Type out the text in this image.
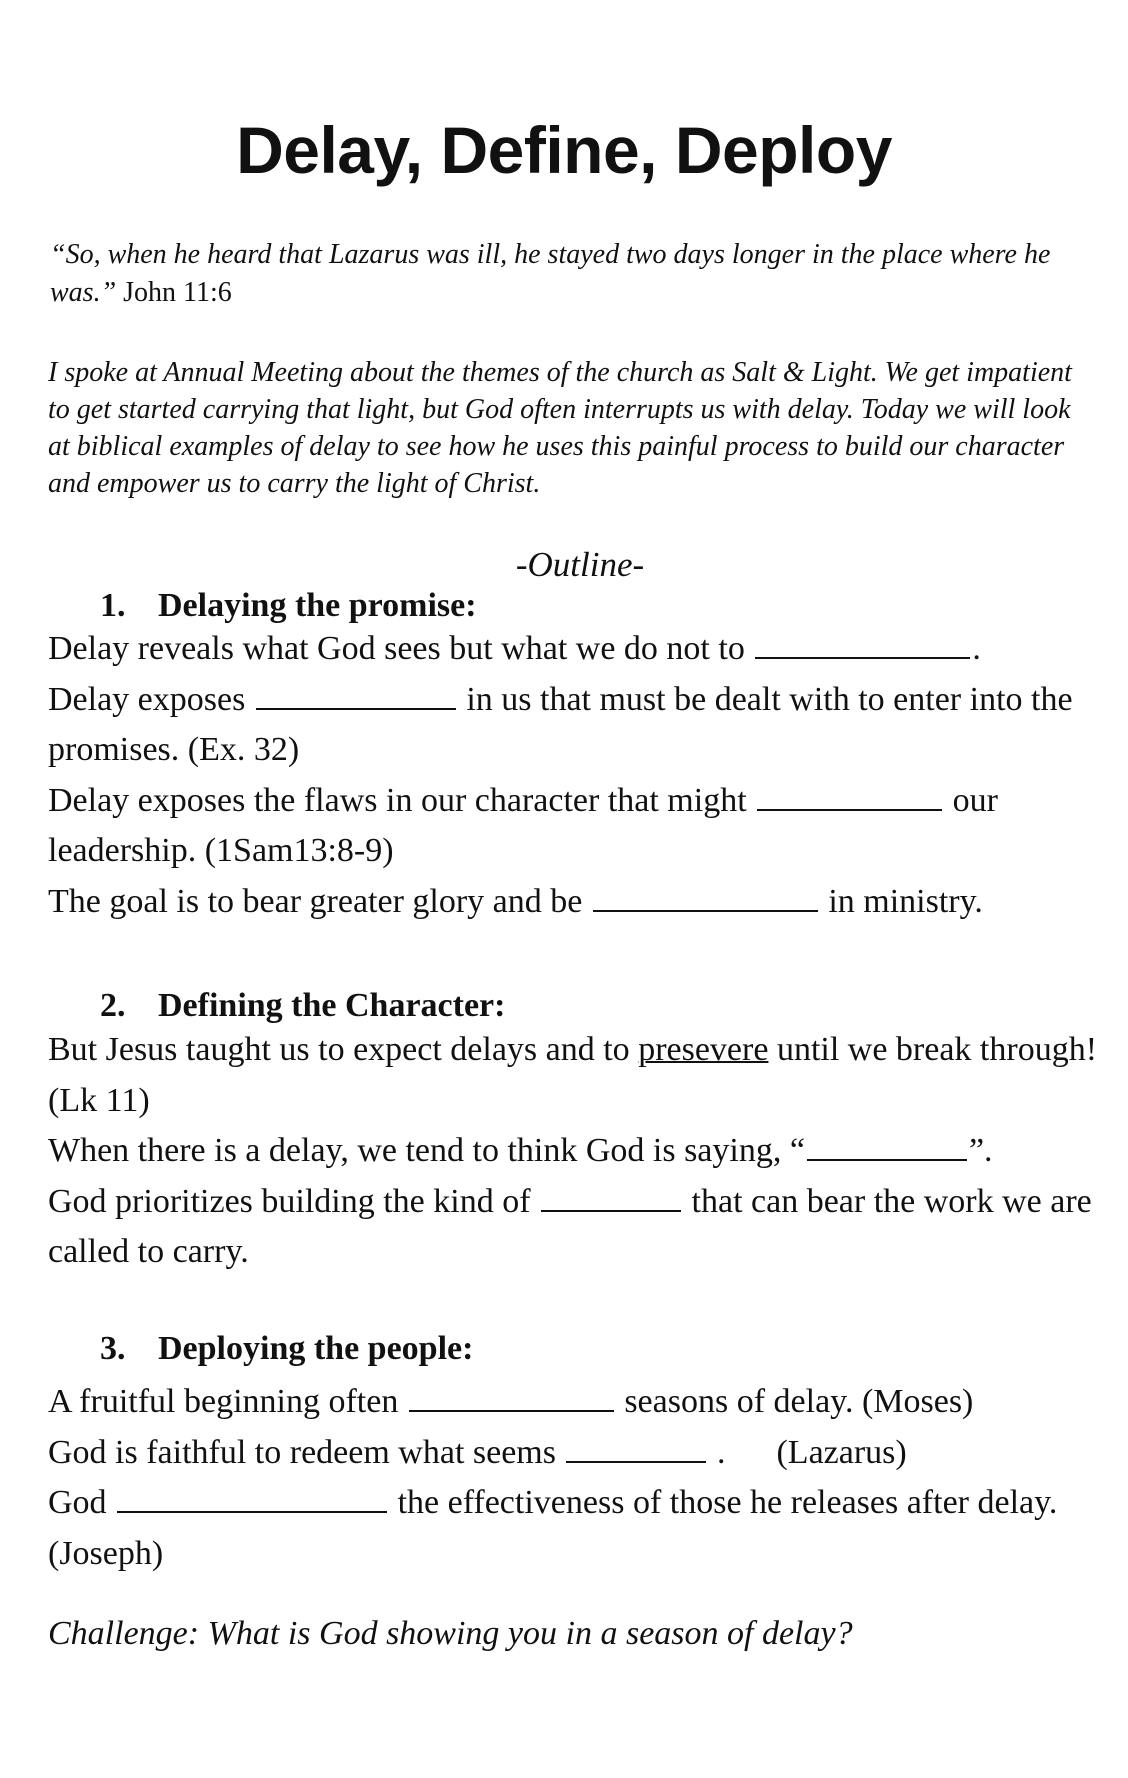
Delay, Define, Deploy

“So, when he heard that Lazarus was ill, he stayed two days longer in the place where he was.” John 11:6

I spoke at Annual Meeting about the themes of the church as Salt & Light. We get impatient to get started carrying that light, but God often interrupts us with delay. Today we will look at biblical examples of delay to see how he uses this painful process to build our character and empower us to carry the light of Christ.

-Outline-

1. Delaying the promise:

Delay reveals what God sees but what we do not to	.
Delay exposes	in us that must be dealt with to enter into the promises. (Ex. 32)
Delay exposes the flaws in our character that might	our leadership. (1Sam13:8-9)
The goal is to bear greater glory and be	in ministry.

2. Defining the Character:

But Jesus taught us to expect delays and to presevere until we break through! (Lk 11)
When there is a delay, we tend to think God is saying, “	”.
God prioritizes building the kind of	that can bear the work we are called to carry.

3. Deploying the people:

A fruitful beginning often	seasons of delay. (Moses)
God is faithful to redeem what seems	.      (Lazarus)
God	the effectiveness of those he releases after delay. (Joseph)

Challenge: What is God showing you in a season of delay?
